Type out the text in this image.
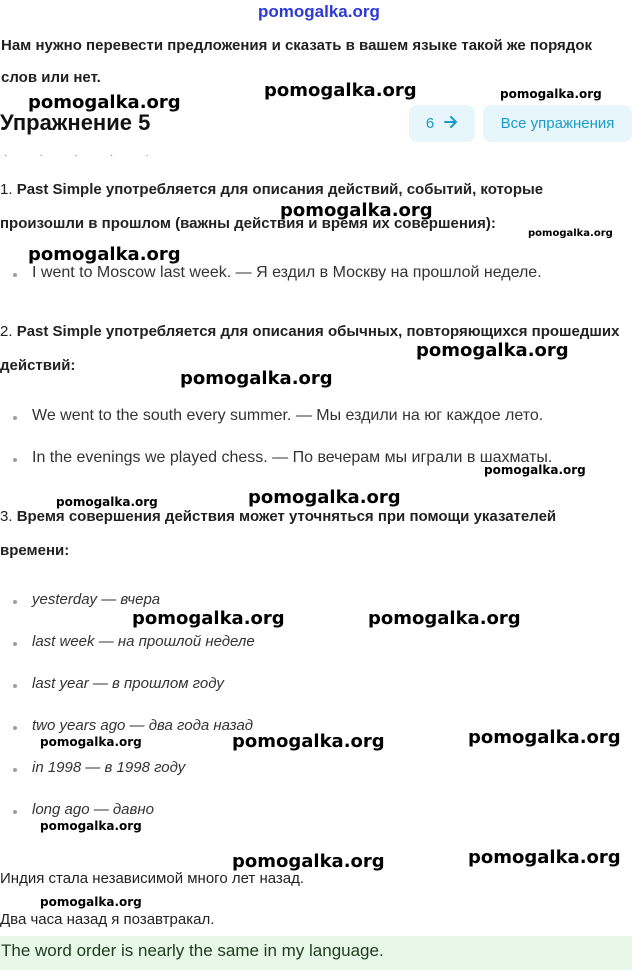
pomogalka.org
Нам нужно перевести предложения и сказать в вашем языке такой же порядок слов или нет.
Упражнение 5	6	Все упражнения
·····
1. Past Simple употребляется для описания действий, событий, которые произошли в прошлом (важны действия и время их совершения):
I went to Moscow last week. — Я ездил в Москву на прошлой неделе.
2. Past Simple употребляется для описания обычных, повторяющихся прошедших действий:
We went to the south every summer. — Мы ездили на юг каждое лето.
In the evenings we played chess. — По вечерам мы играли в шахматы.
3. Время совершения действия может уточняться при помощи указателей времени:
yesterday — вчера
last week — на прошлой неделе
last year — в прошлом году
two years ago — два года назад
in 1998 — в 1998 году
long ago — давно
Индия стала независимой много лет назад.
Два часа назад я позавтракал.
The word order is nearly the same in my language.
pomogalka.org
pomogalka.org	pomogalka.org
pomogalka.org
pomogalka.org
pomogalka.org
pomogalka.org
pomogalka.org
pomogalka.org
pomogalka.org	pomogalka.org
pomogalka.org	pomogalka.org
pomogalka.org	pomogalka.org	pomogalka.org
pomogalka.org
pomogalka.org	pomogalka.org
pomogalka.org
